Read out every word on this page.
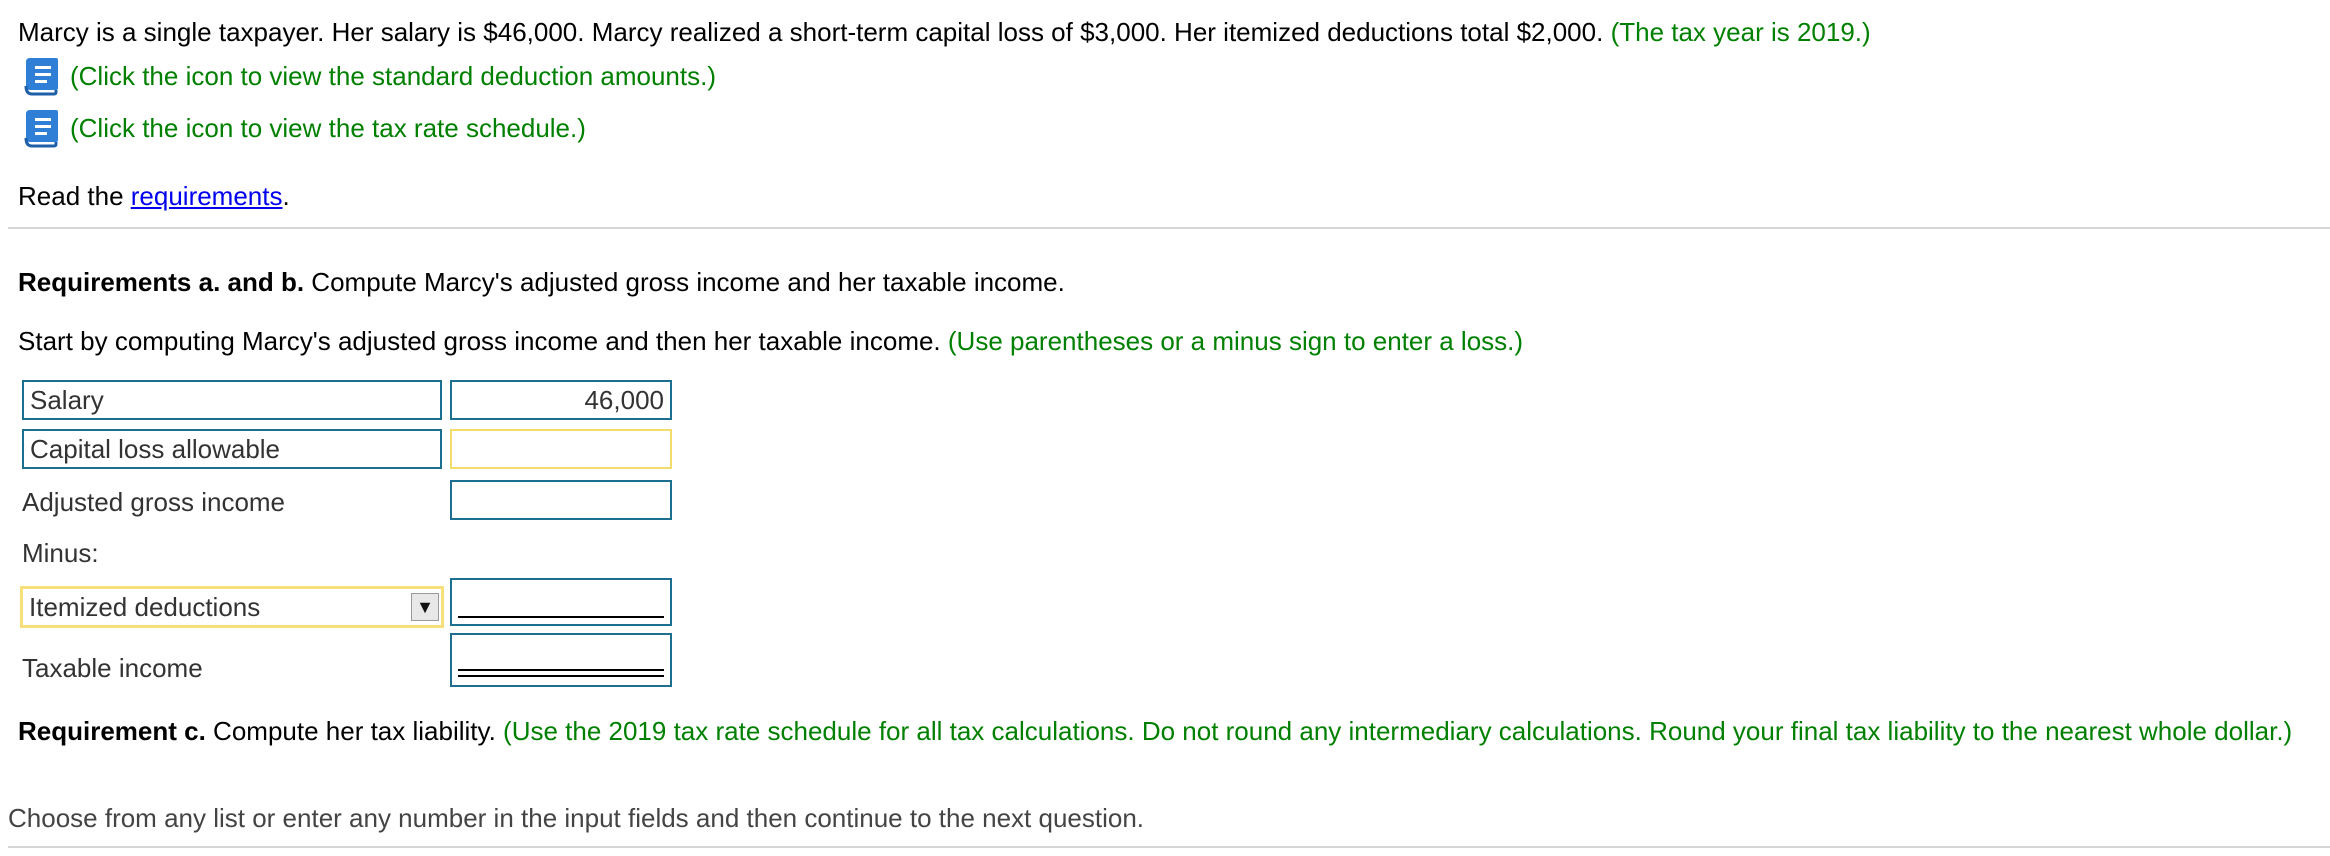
Marcy is a single taxpayer. Her salary is $46,000. Marcy realized a short-term capital loss of $3,000. Her itemized deductions total $2,000. (The tax year is 2019.)
(Click the icon to view the standard deduction amounts.)
(Click the icon to view the tax rate schedule.)
Read the requirements.
Requirements a. and b. Compute Marcy's adjusted gross income and her taxable income.
Start by computing Marcy's adjusted gross income and then her taxable income. (Use parentheses or a minus sign to enter a loss.)
Salary	46,000
Capital loss allowable
Adjusted gross income
Minus:
Itemized deductions	▼
Taxable income
Requirement c. Compute her tax liability. (Use the 2019 tax rate schedule for all tax calculations. Do not round any intermediary calculations. Round your final tax liability to the nearest whole dollar.)
Choose from any list or enter any number in the input fields and then continue to the next question.
